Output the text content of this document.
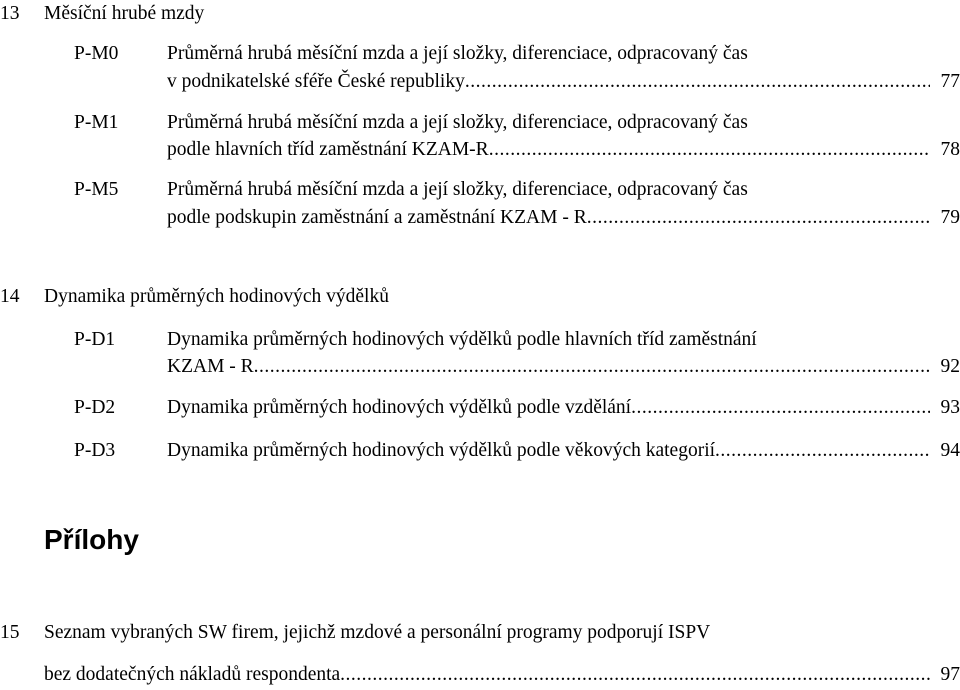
13 Měsíční hrubé mzdy
P-M0 Průměrná hrubá měsíční mzda a její složky, diferenciace, odpracovaný čas
v podnikatelské sféře České republiky .....	77
P-M1 Průměrná hrubá měsíční mzda a její složky, diferenciace, odpracovaný čas
podle hlavních tříd zaměstnání KZAM-R .....	78
P-M5 Průměrná hrubá měsíční mzda a její složky, diferenciace, odpracovaný čas
podle podskupin zaměstnání a zaměstnání KZAM - R .....	79
14 Dynamika průměrných hodinových výdělků
P-D1	Dynamika průměrných hodinových výdělků podle hlavních tříd zaměstnání
KZAM - R .....	92
P-D2	Dynamika průměrných hodinových výdělků podle vzdělání .....	93
P-D3	Dynamika průměrných hodinových výdělků podle věkových kategorií .....	94
Přílohy
15 Seznam vybraných SW firem, jejichž mzdové a personální programy podporují ISPV
bez dodatečných nákladů respondenta .....	97
